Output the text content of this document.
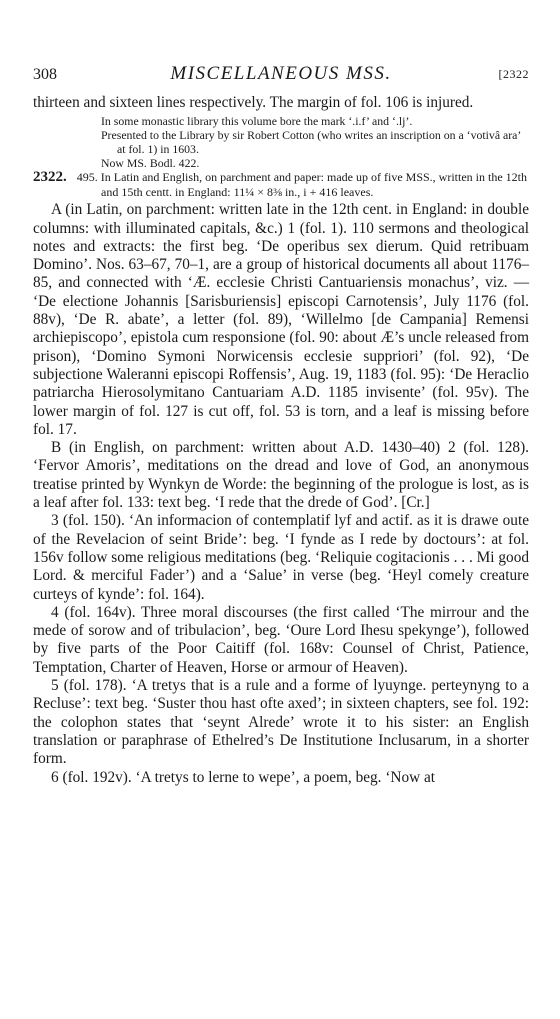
308	MISCELLANEOUS MSS.	[2322

thirteen and sixteen lines respectively. The margin of fol. 106 is injured.

In some monastic library this volume bore the mark ‘.i.f’ and ‘.lj’.

Presented to the Library by sir Robert Cotton (who writes an inscription on a ‘votivâ ara’ at fol. 1) in 1603.

Now MS. Bodl. 422.

2322. 495. In Latin and English, on parchment and paper: made up of five MSS., written in the 12th and 15th centt. in England: 11¼ × 8⅜ in., i + 416 leaves.

A (in Latin, on parchment: written late in the 12th cent. in England: in double columns: with illuminated capitals, &c.) 1 (fol. 1). 110 sermons and theological notes and extracts: the first beg. ‘De operibus sex dierum. Quid retribuam Domino’. Nos. 63–67, 70–1, are a group of historical documents all about 1176–85, and connected with ‘Æ. ecclesie Christi Cantuariensis monachus’, viz. — ‘De electione Johannis [Sarisburiensis] episcopi Carnotensis’, July 1176 (fol. 88v), ‘De R. abate’, a letter (fol. 89), ‘Willelmo [de Campania] Remensi archiepiscopo’, epistola cum responsione (fol. 90: about Æ’s uncle released from prison), ‘Domino Symoni Norwicensis ecclesie suppriori’ (fol. 92), ‘De subjectione Waleranni episcopi Roffensis’, Aug. 19, 1183 (fol. 95): ‘De Heraclio patriarcha Hierosolymitano Cantuariam A.D. 1185 invisente’ (fol. 95v). The lower margin of fol. 127 is cut off, fol. 53 is torn, and a leaf is missing before fol. 17.

B (in English, on parchment: written about A.D. 1430–40) 2 (fol. 128). ‘Fervor Amoris’, meditations on the dread and love of God, an anonymous treatise printed by Wynkyn de Worde: the beginning of the prologue is lost, as is a leaf after fol. 133: text beg. ‘I rede that the drede of God’. [Cr.]

3 (fol. 150). ‘An informacion of contemplatif lyf and actif. as it is drawe oute of the Revelacion of seint Bride’: beg. ‘I fynde as I rede by doctours’: at fol. 156v follow some religious meditations (beg. ‘Reliquie cogitacionis . . . Mi good Lord. & merciful Fader’) and a ‘Salue’ in verse (beg. ‘Heyl comely creature curteys of kynde’: fol. 164).

4 (fol. 164v). Three moral discourses (the first called ‘The mirrour and the mede of sorow and of tribulacion’, beg. ‘Oure Lord Ihesu spekynge’), followed by five parts of the Poor Caitiff (fol. 168v: Counsel of Christ, Patience, Temptation, Charter of Heaven, Horse or armour of Heaven).

5 (fol. 178). ‘A tretys that is a rule and a forme of lyuynge. perteynyng to a Recluse’: text beg. ‘Suster thou hast ofte axed’; in sixteen chapters, see fol. 192: the colophon states that ‘seynt Alrede’ wrote it to his sister: an English translation or paraphrase of Ethelred’s De Institutione Inclusarum, in a shorter form.

6 (fol. 192v). ‘A tretys to lerne to wepe’, a poem, beg. ‘Now at
